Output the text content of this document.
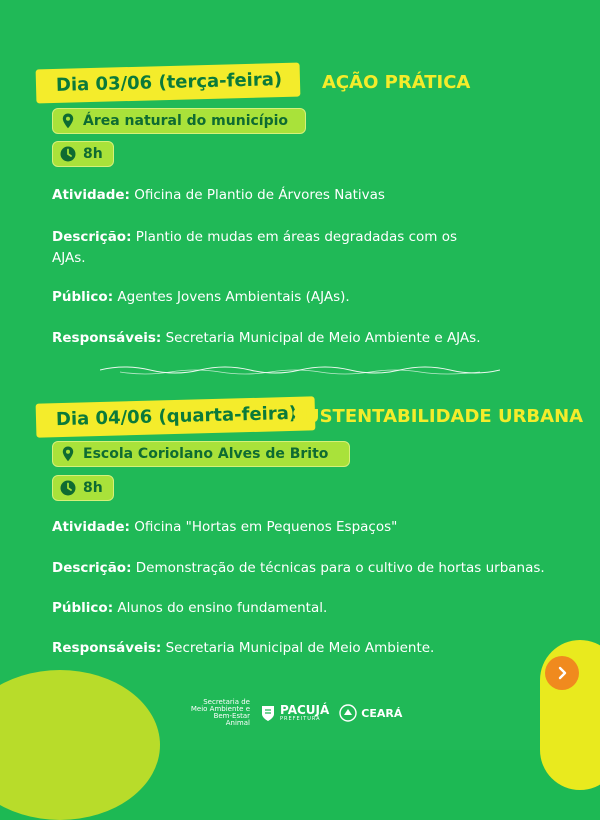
Dia 03/06 (terça-feira)	AÇÃO PRÁTICA
Área natural do município
8h
Atividade: Oficina de Plantio de Árvores Nativas
Descrição: Plantio de mudas em áreas degradadas com os AJAs.
Público: Agentes Jovens Ambientais (AJAs).
Responsáveis: Secretaria Municipal de Meio Ambiente e AJAs.
Dia 04/06 (quarta-feira)
SUSTENTABILIDADE URBANA
Escola Coriolano Alves de Brito
8h
Atividade: Oficina "Hortas em Pequenos Espaços"
Descrição: Demonstração de técnicas para o cultivo de hortas urbanas.
Público: Alunos do ensino fundamental.
Responsáveis: Secretaria Municipal de Meio Ambiente.
Secretaria de Meio Ambiente e Bem-Estar Animal
PACUJÁ
PREFEITURA	CEARÁ
